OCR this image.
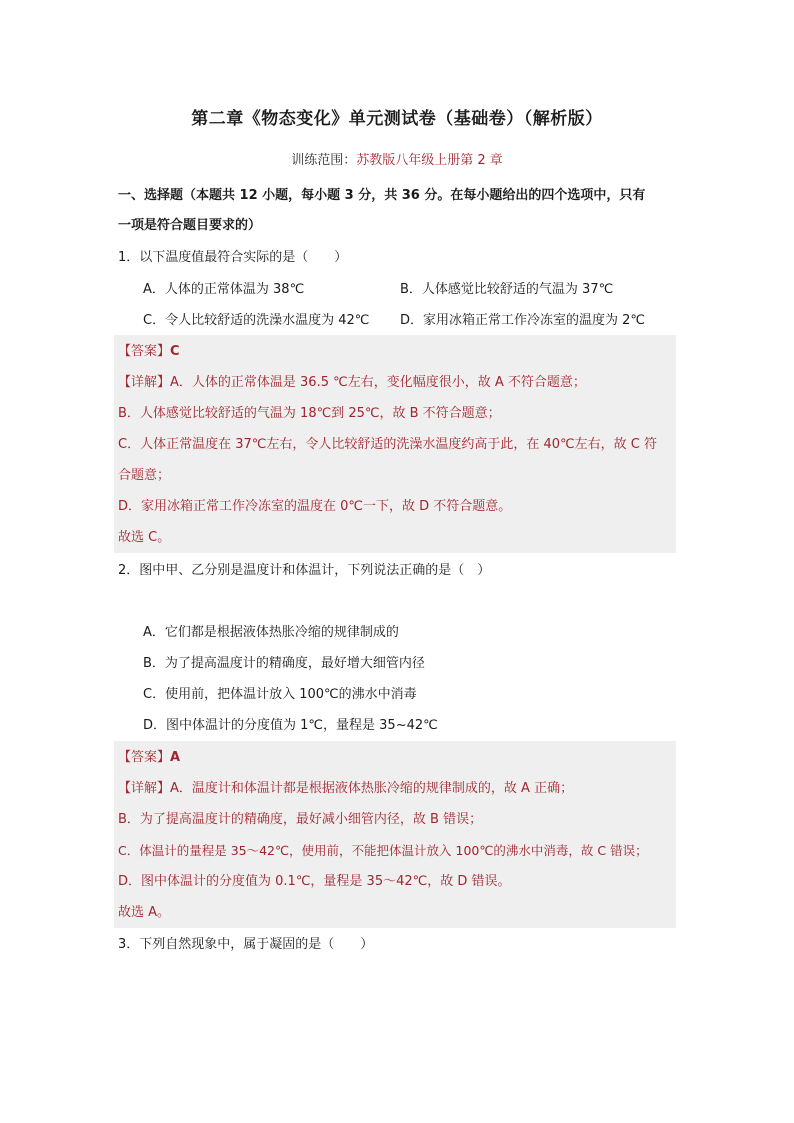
第二章《物态变化》单元测试卷（基础卷）（解析版）
训练范围：苏教版八年级上册第 2 章
一、选择题（本题共 12 小题，每小题 3 分，共 36 分。在每小题给出的四个选项中，只有
一项是符合题目要求的）
1．以下温度值最符合实际的是（　　）
A．人体的正常体温为 38℃	B．人体感觉比较舒适的气温为 37℃
C．令人比较舒适的洗澡水温度为 42℃ D．家用冰箱正常工作冷冻室的温度为 2℃
【答案】C
【详解】A．人体的正常体温是 36.5 ℃左右，变化幅度很小，故 A 不符合题意；
B．人体感觉比较舒适的气温为 18℃到 25℃，故 B 不符合题意；
C．人体正常温度在 37℃左右，令人比较舒适的洗澡水温度约高于此，在 40℃左右，故 C 符
合题意；
D．家用冰箱正常工作冷冻室的温度在 0℃一下，故 D 不符合题意。
故选 C。
2．图中甲、乙分别是温度计和体温计，下列说法正确的是（　）
A．它们都是根据液体热胀冷缩的规律制成的
B．为了提高温度计的精确度，最好增大细管内径
C．使用前，把体温计放入 100℃的沸水中消毒
D．图中体温计的分度值为 1℃，量程是 35~42℃
【答案】A
【详解】A．温度计和体温计都是根据液体热胀冷缩的规律制成的，故 A 正确；
B．为了提高温度计的精确度，最好减小细管内径，故 B 错误；
C．体温计的量程是 35～42℃，使用前，不能把体温计放入 100℃的沸水中消毒，故 C 错误；
D．图中体温计的分度值为 0.1℃，量程是 35～42℃，故 D 错误。
故选 A。
3．下列自然现象中，属于凝固的是（　　）
